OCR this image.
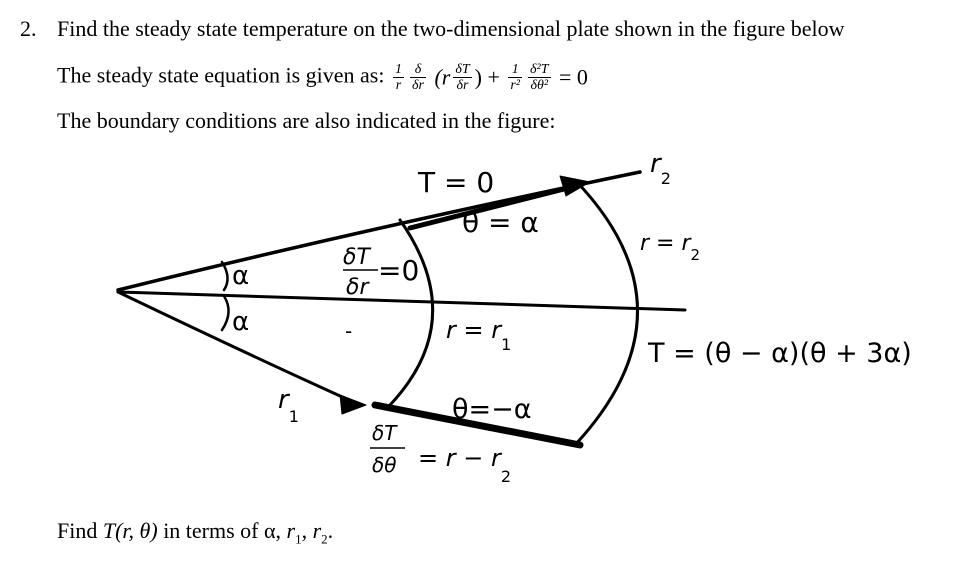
2. Find the steady state temperature on the two-dimensional plate shown in the figure below
The steady state equation is given as: $\frac{1}{r} \frac{\delta}{\delta r} (r \frac{\delta T}{\delta r}$ ) + $\frac{1}{\text{r²}} \frac{\text{δ²T}}{\text{δθ²}} = 0$
The boundary conditions are also indicated in the figure:
T = 0
θ = α
$r_2$
$r = r_2$
α
α
δT
δr
=0
-	$r = r_1$	T = (θ − α)(θ + 3α)
$r_1$	θ=−α
δT
$\delta\theta = r - r_2$
Find T(r, θ) in terms of α, $r_1$, $r_2$.
